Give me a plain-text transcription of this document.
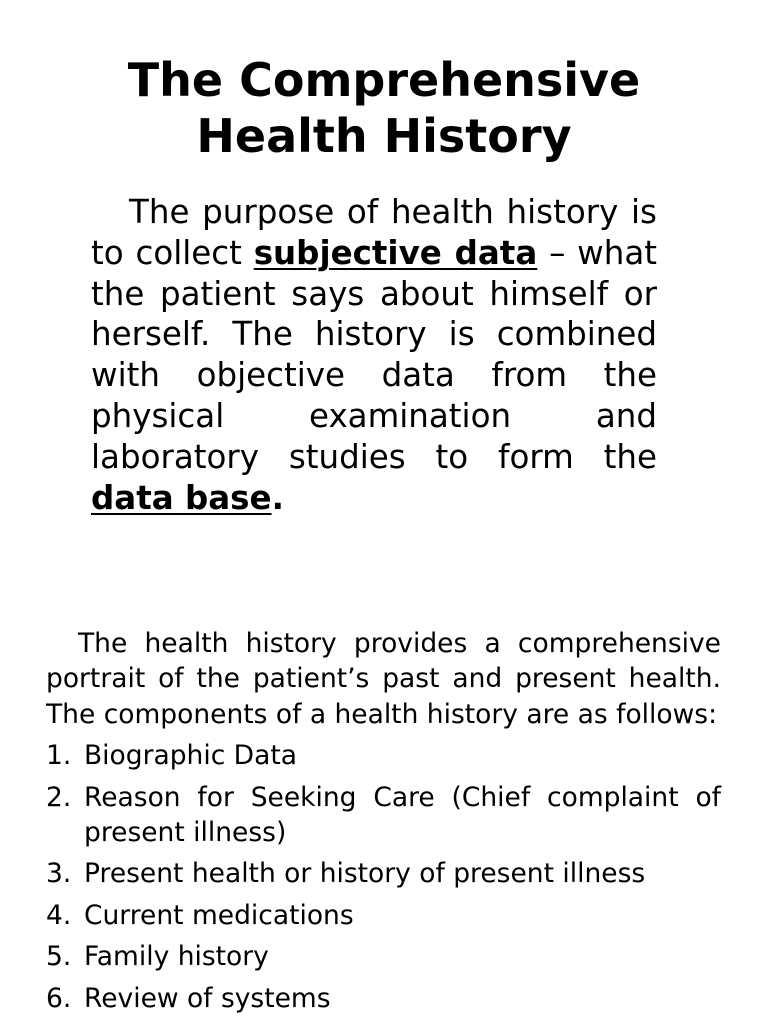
The Comprehensive
Health History

The purpose of health history is to collect subjective data – what the patient says about himself or herself. The history is combined with objective data from the physical examination and laboratory studies to form the data base.

The health history provides a comprehensive portrait of the patient’s past and present health. The components of a health history are as follows:

1. Biographic Data
2. Reason for Seeking Care (Chief complaint of present illness)
3. Present health or history of present illness
4. Current medications
5. Family history
6. Review of systems
